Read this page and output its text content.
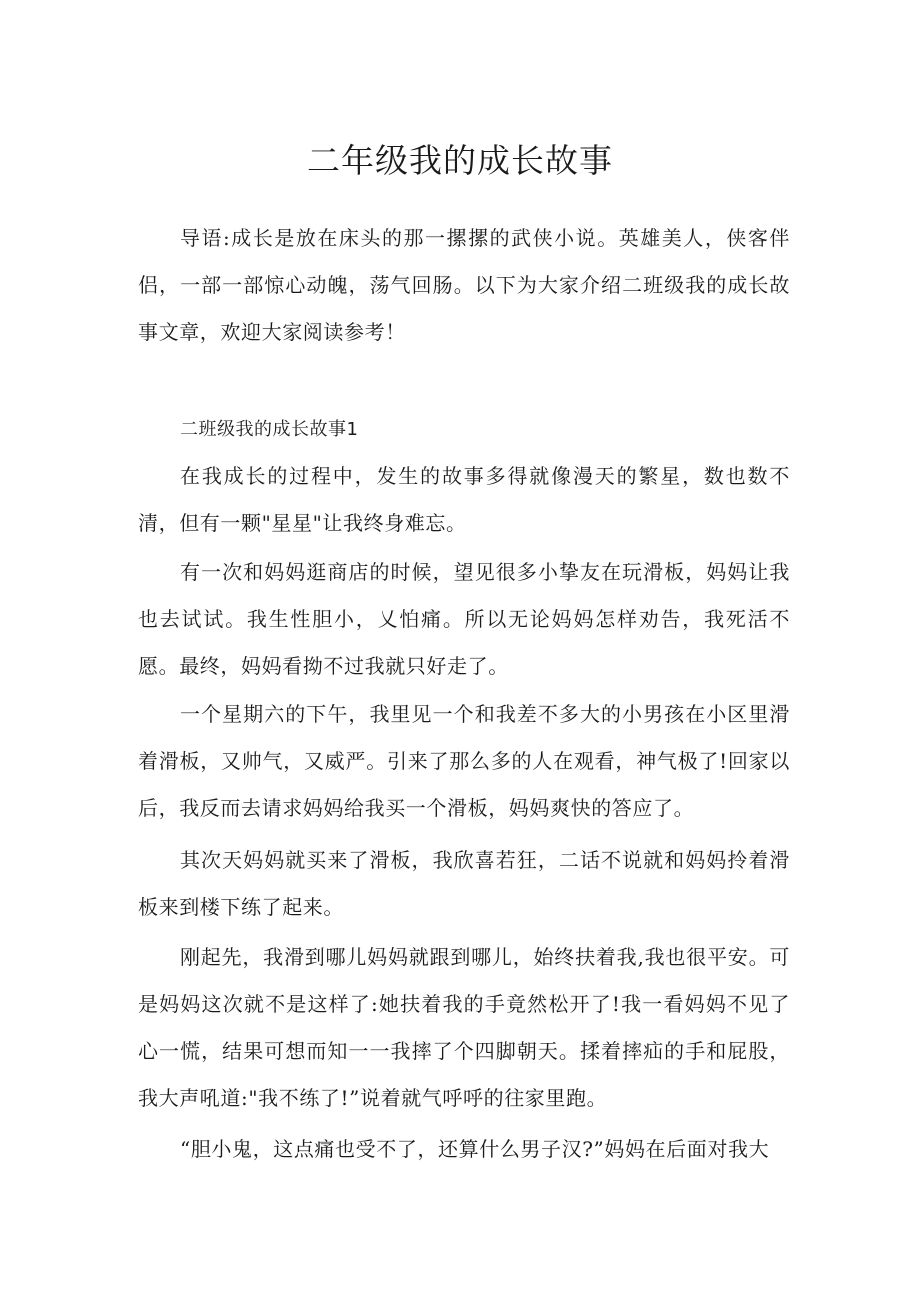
二年级我的成长故事

导语:成长是放在床头的那一摞摞的武侠小说。英雄美人，侠客伴侣，一部一部惊心动魄，荡气回肠。以下为大家介绍二班级我的成长故事文章，欢迎大家阅读参考！

二班级我的成长故事1

在我成长的过程中，发生的故事多得就像漫天的繁星，数也数不清，但有一颗"星星"让我终身难忘。

有一次和妈妈逛商店的时候，望见很多小挚友在玩滑板，妈妈让我也去试试。我生性胆小，乂怕痛。所以无论妈妈怎样劝告，我死活不愿。最终，妈妈看拗不过我就只好走了。

一个星期六的下午，我里见一个和我差不多大的小男孩在小区里滑着滑板，又帅气，又威严。引来了那么多的人在观看，神气极了!回家以后，我反而去请求妈妈给我买一个滑板，妈妈爽快的答应了。

其次天妈妈就买来了滑板，我欣喜若狂，二话不说就和妈妈拎着滑板来到楼下练了起来。

刚起先，我滑到哪儿妈妈就跟到哪儿，始终扶着我,我也很平安。可是妈妈这次就不是这样了:她扶着我的手竟然松开了!我一看妈妈不见了心一慌，结果可想而知一一我摔了个四脚朝天。揉着摔疝的手和屁股，我大声吼道:"我不练了!”说着就气呼呼的往家里跑。

“胆小鬼，这点痛也受不了，还算什么男子汉?”妈妈在后面对我大
